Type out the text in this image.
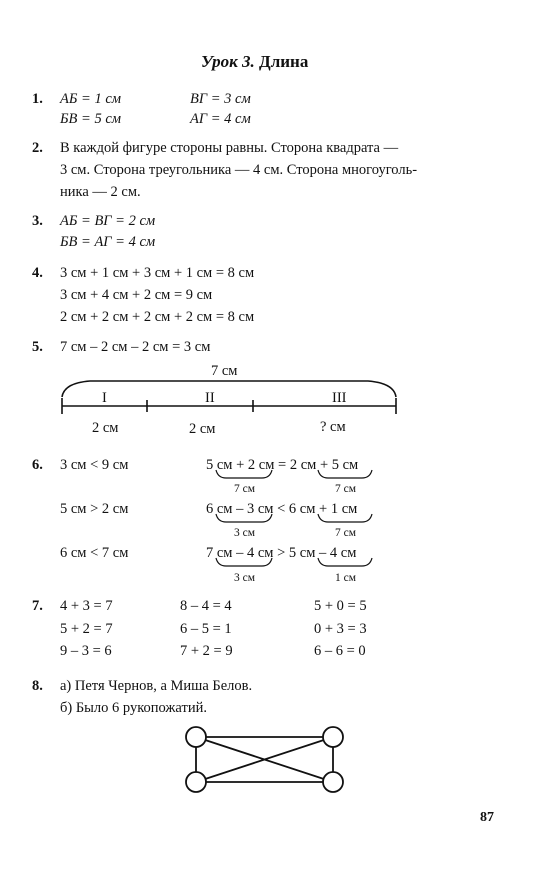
Урок 3. Длина
1. АБ = 1 см	ВГ = 3 см
БВ = 5 см	АГ = 4 см
2. В каждой фигуре стороны равны. Сторона квадрата —
3 см. Сторона треугольника — 4 см. Сторона многоуголь-
ника — 2 см.
3. АБ = ВГ = 2 см
БВ = АГ = 4 см
4. 3 см + 1 см + 3 см + 1 см = 8 см
3 см + 4 см + 2 см = 9 см
2 см + 2 см + 2 см + 2 см = 8 см
5. 7 см – 2 см – 2 см = 3 см
7 см
I	II	III
2 см	2 см	? см
6. 3 см < 9 см	5 см + 2 см = 2 см + 5 см
7 см	7 см
5 см > 2 см	6 см – 3 см < 6 см + 1 см
3 см	7 см
6 см < 7 см	7 см – 4 см > 5 см – 4 см
3 см	1 см
7. 4 + 3 = 7	8 – 4 = 4	5 + 0 = 5
5 + 2 = 7	6 – 5 = 1	0 + 3 = 3
9 – 3 = 6	7 + 2 = 9	6 – 6 = 0
8. а) Петя Чернов, а Миша Белов.
б) Было 6 рукопожатий.
87
